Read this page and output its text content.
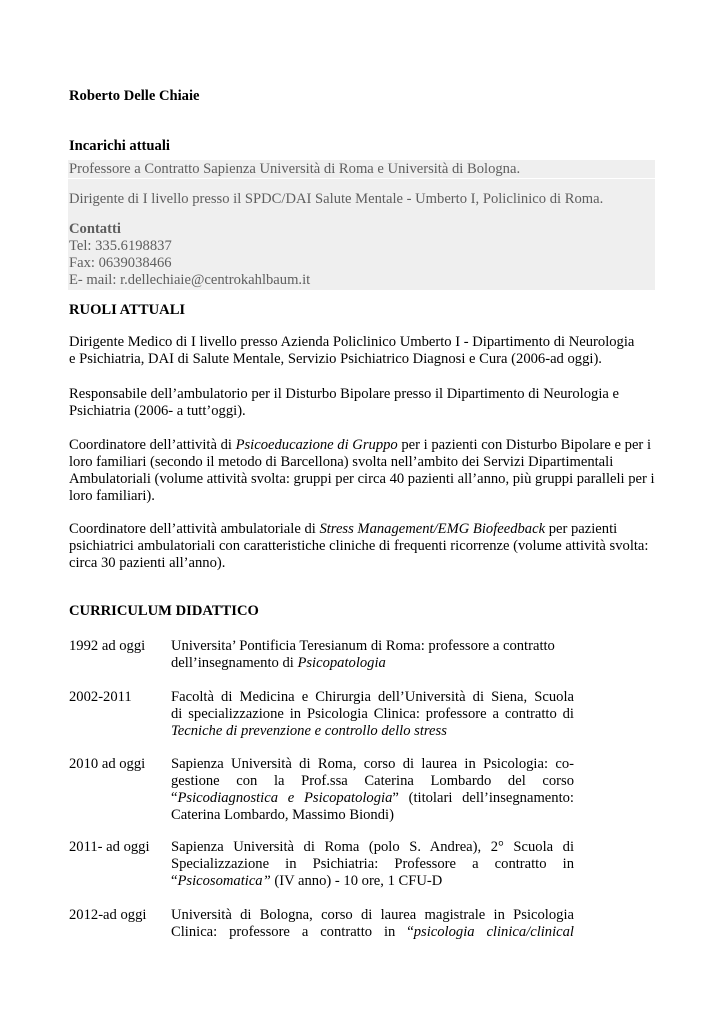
Roberto Delle Chiaie
Incarichi attuali
Professore a Contratto Sapienza Università di Roma e Università di Bologna.
Dirigente di I livello presso il SPDC/DAI Salute Mentale - Umberto I, Policlinico di Roma.
Contatti
Tel: 335.6198837
Fax: 0639038466
E- mail: r.dellechiaie@centrokahlbaum.it
RUOLI ATTUALI
Dirigente Medico di I livello presso Azienda Policlinico Umberto I - Dipartimento di Neurologia
e Psichiatria, DAI di Salute Mentale, Servizio Psichiatrico Diagnosi e Cura (2006-ad oggi).
Responsabile dell’ambulatorio per il Disturbo Bipolare presso il Dipartimento di Neurologia e
Psichiatria (2006- a tutt’oggi).
Coordinatore dell’attività di Psicoeducazione di Gruppo per i pazienti con Disturbo Bipolare e per i
loro familiari (secondo il metodo di Barcellona) svolta nell’ambito dei Servizi Dipartimentali
Ambulatoriali (volume attività svolta: gruppi per circa 40 pazienti all’anno, più gruppi paralleli per i
loro familiari).
Coordinatore dell’attività ambulatoriale di Stress Management/EMG Biofeedback per pazienti
psichiatrici ambulatoriali con caratteristiche cliniche di frequenti ricorrenze (volume attività svolta:
circa 30 pazienti all’anno).
CURRICULUM DIDATTICO
1992 ad oggi	Universita’ Pontificia Teresianum di Roma: professore a contratto
dell’insegnamento di Psicopatologia
2002-2011	Facoltà di Medicina e Chirurgia dell’Università di Siena, Scuola
di specializzazione in Psicologia Clinica: professore a contratto di
Tecniche di prevenzione e controllo dello stress
2010 ad oggi	Sapienza Università di Roma, corso di laurea in Psicologia: co-
gestione con la Prof.ssa Caterina Lombardo del corso
“Psicodiagnostica e Psicopatologia” (titolari dell’insegnamento:
Caterina Lombardo, Massimo Biondi)
2011- ad oggi	Sapienza Università di Roma (polo S. Andrea), 2° Scuola di
Specializzazione in Psichiatria: Professore a contratto in
“Psicosomatica” (IV anno) - 10 ore, 1 CFU-D
2012-ad oggi	Università di Bologna, corso di laurea magistrale in Psicologia
Clinica: professore a contratto in “psicologia clinica/clinical
